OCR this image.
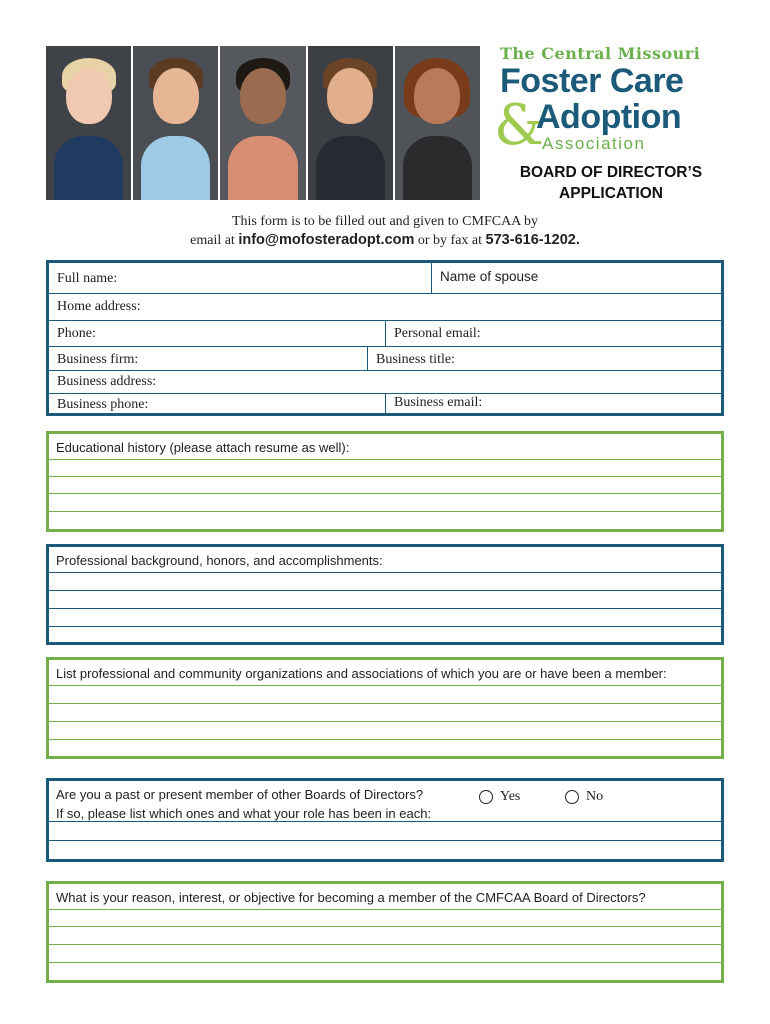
The Central Missouri
Foster Care
&
Adoption
Association
BOARD OF DIRECTOR’S
APPLICATION
This form is to be filled out and given to CMFCAA by
email at info@mofosteradopt.com or by fax at 573-616-1202.
Full name:	Name of spouse
Home address:
Phone:	Personal email:
Business firm:	Business title:
Business address:
Business phone:	Business email:
Educational history (please attach resume as well):
Professional background, honors, and accomplishments:
List professional and community organizations and associations of which you are or have been a member:
Are you a past or present member of other Boards of Directors?
If so, please list which ones and what your role has been in each:
Yes	No
What is your reason, interest, or objective for becoming a member of the CMFCAA Board of Directors?
